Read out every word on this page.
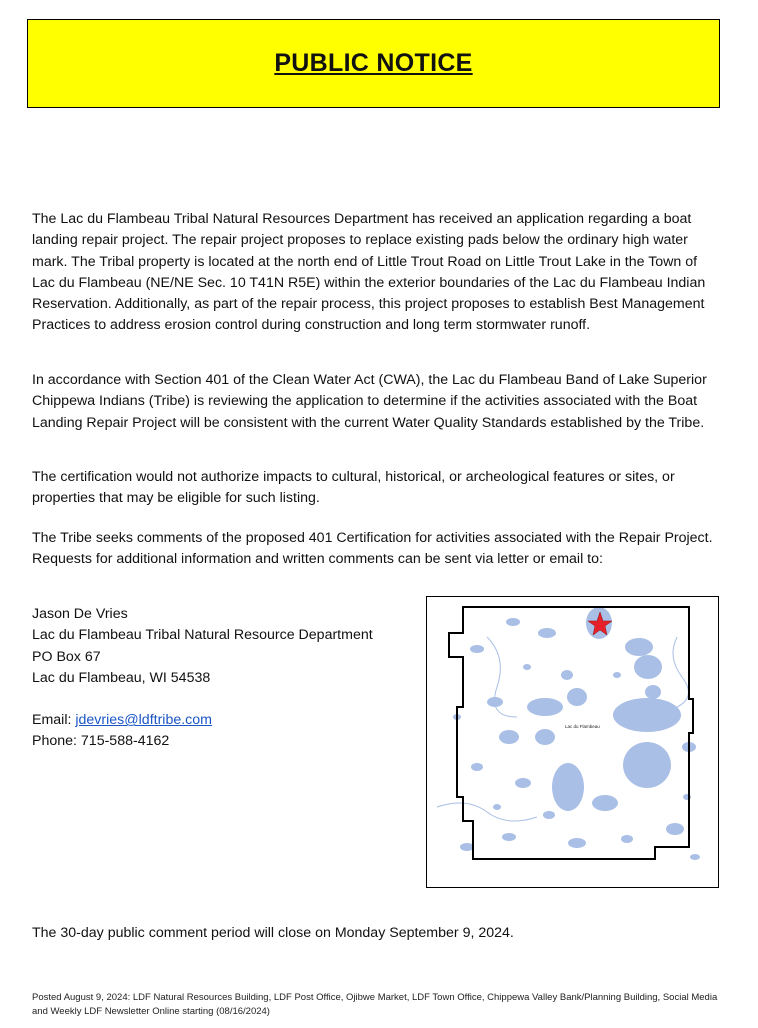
PUBLIC NOTICE

The Lac du Flambeau Tribal Natural Resources Department has received an application regarding a boat landing repair project. The repair project proposes to replace existing pads below the ordinary high water mark. The Tribal property is located at the north end of Little Trout Road on Little Trout Lake in the Town of Lac du Flambeau (NE/NE Sec. 10 T41N R5E) within the exterior boundaries of the Lac du Flambeau Indian Reservation. Additionally, as part of the repair process, this project proposes to establish Best Management Practices to address erosion control during construction and long term stormwater runoff.

In accordance with Section 401 of the Clean Water Act (CWA), the Lac du Flambeau Band of Lake Superior Chippewa Indians (Tribe) is reviewing the application to determine if the activities associated with the Boat Landing Repair Project will be consistent with the current Water Quality Standards established by the Tribe.

The certification would not authorize impacts to cultural, historical, or archeological features or sites, or properties that may be eligible for such listing.

The Tribe seeks comments of the proposed 401 Certification for activities associated with the Repair Project. Requests for additional information and written comments can be sent via letter or email to:

Jason De Vries
Lac du Flambeau Tribal Natural Resource Department
PO Box 67
Lac du Flambeau, WI 54538
Email: jdevries@ldftribe.com
Phone: 715-588-4162
Lac du Flambeau
The 30-day public comment period will close on Monday September 9, 2024.
Posted August 9, 2024: LDF Natural Resources Building, LDF Post Office, Ojibwe Market, LDF Town Office, Chippewa Valley Bank/Planning Building, Social Media and Weekly LDF Newsletter Online starting (08/16/2024)
